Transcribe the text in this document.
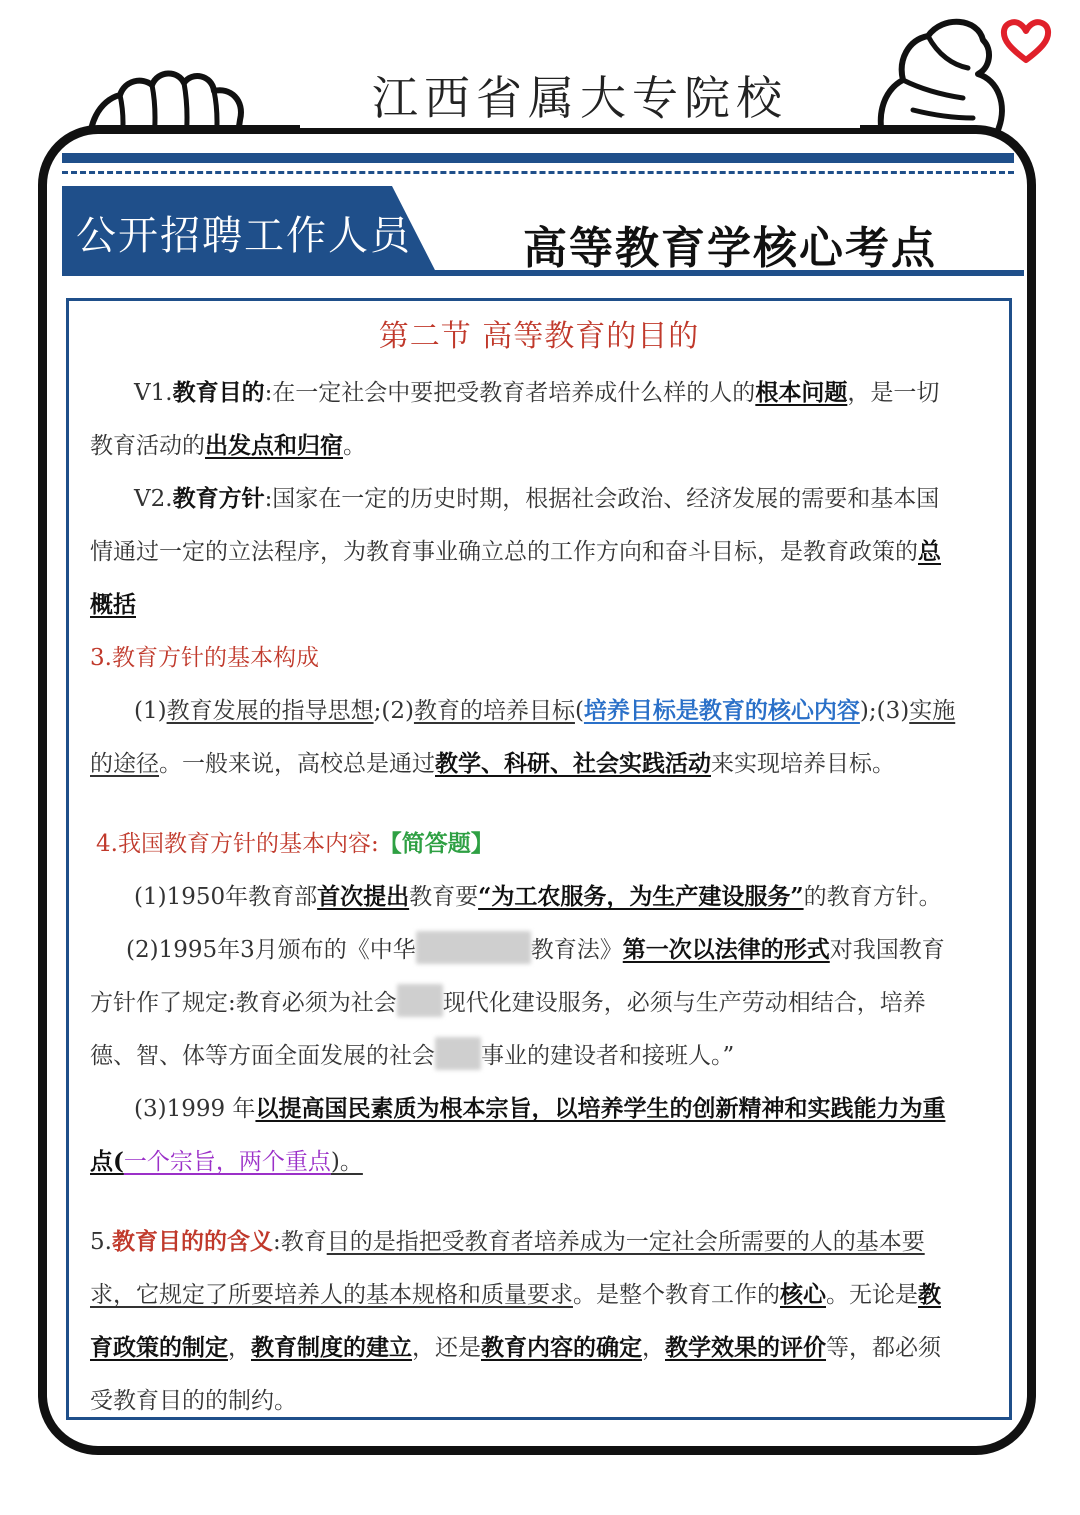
江西省属大专院校
公开招聘工作人员	高等教育学核心考点
第二节 高等教育的目的
V1.教育目的:在一定社会中要把受教育者培养成什么样的人的根本问题，是一切
教育活动的出发点和归宿。
V2.教育方针:国家在一定的历史时期，根据社会政治、经济发展的需要和基本国
情通过一定的立法程序，为教育事业确立总的工作方向和奋斗目标，是教育政策的总
概括
3.教育方针的基本构成
(1)教育发展的指导思想;(2)教育的培养目标(培养目标是教育的核心内容);(3)实施
的途径。一般来说，高校总是通过教学、科研、社会实践活动来实现培养目标。
4.我国教育方针的基本内容:【简答题】
(1)1950年教育部首次提出教育要“为工农服务，为生产建设服务”的教育方针。
(2)1995年3月颁布的《中华	教育法》第一次以法律的形式对我国教育
方针作了规定:教育必须为社会 现代化建设服务，必须与生产劳动相结合，培养
德、智、体等方面全面发展的社会 事业的建设者和接班人。”
(3)1999 年以提高国民素质为根本宗旨，以培养学生的创新精神和实践能力为重
点(一个宗旨，两个重点)。
5.教育目的的含义:教育目的是指把受教育者培养成为一定社会所需要的人的基本要
求，它规定了所要培养人的基本规格和质量要求。是整个教育工作的核心。无论是教
育政策的制定，教育制度的建立，还是教育内容的确定，教学效果的评价等，都必须
受教育目的的制约。
